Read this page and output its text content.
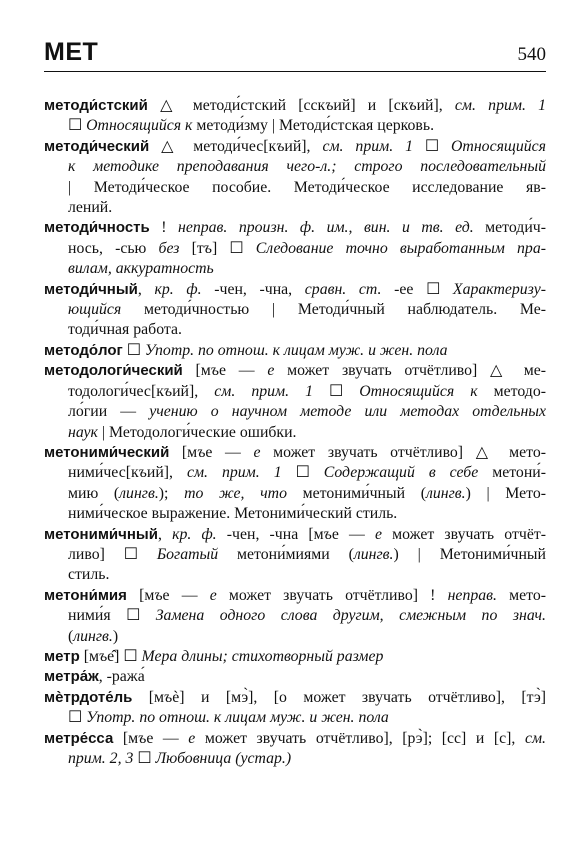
МЕТ	540
методи́стский △ методи́стский [сскъий] и [скъий], см. прим. 1
☐ Относящийся к методи́зму | Методи́стская церковь.
методи́ческий △ методи́чес[къий], см. прим. 1 ☐ Относящийся
к методике преподавания чего-л.; строго последовательный
| Методи́ческое пособие. Методи́ческое исследование яв-
лений.
методи́чность ! неправ. произн. ф. им., вин. и тв. ед. методи́ч-
нось, -сью без [тъ] ☐ Следование точно выработанным пра-
вилам, аккуратность
методи́чный, кр. ф. -чен, -чна, сравн. ст. -ее ☐ Характеризу-
ющийся методи́чностью | Методи́чный наблюдатель. Ме-
тоди́чная работа.
методо́лог ☐ Употр. по отнош. к лицам муж. и жен. пола
методологи́ческий [мъе — е может звучать отчётливо] △ ме-
тодологи́чес[къий], см. прим. 1 ☐ Относящийся к методо-
ло́гии — учению о научном методе или методах отдельных
наук | Методологи́ческие ошибки.
метоними́ческий [мъе — е может звучать отчётливо] △ мето-
ними́чес[къий], см. прим. 1 ☐ Содержащий в себе метони́-
мию (лингв.); то же, что метоними́чный (лингв.) | Мето-
ними́ческое выражение. Метоними́ческий стиль.
метоними́чный, кр. ф. -чен, -чна [мъе — е может звучать отчёт-
ливо] ☐ Богатый метони́миями (лингв.) | Метоними́чный
стиль.
метони́мия [мъе — е может звучать отчётливо] ! неправ. мето-
ними́я ☐ Замена одного слова другим, смежным по знач.
(лингв.)
метр [мъе̂] ☐ Мера длины; стихотворный размер
метра́ж, -ража́
мѐтрдоте́ль [мъѐ] и [мэ̀], [о может звучать отчётливо], [тэ̀]
☐ Употр. по отнош. к лицам муж. и жен. пола
метре́сса [мъе — е может звучать отчётливо], [рэ̀]; [сс] и [с], см.
прим. 2, 3 ☐ Любовница (устар.)
